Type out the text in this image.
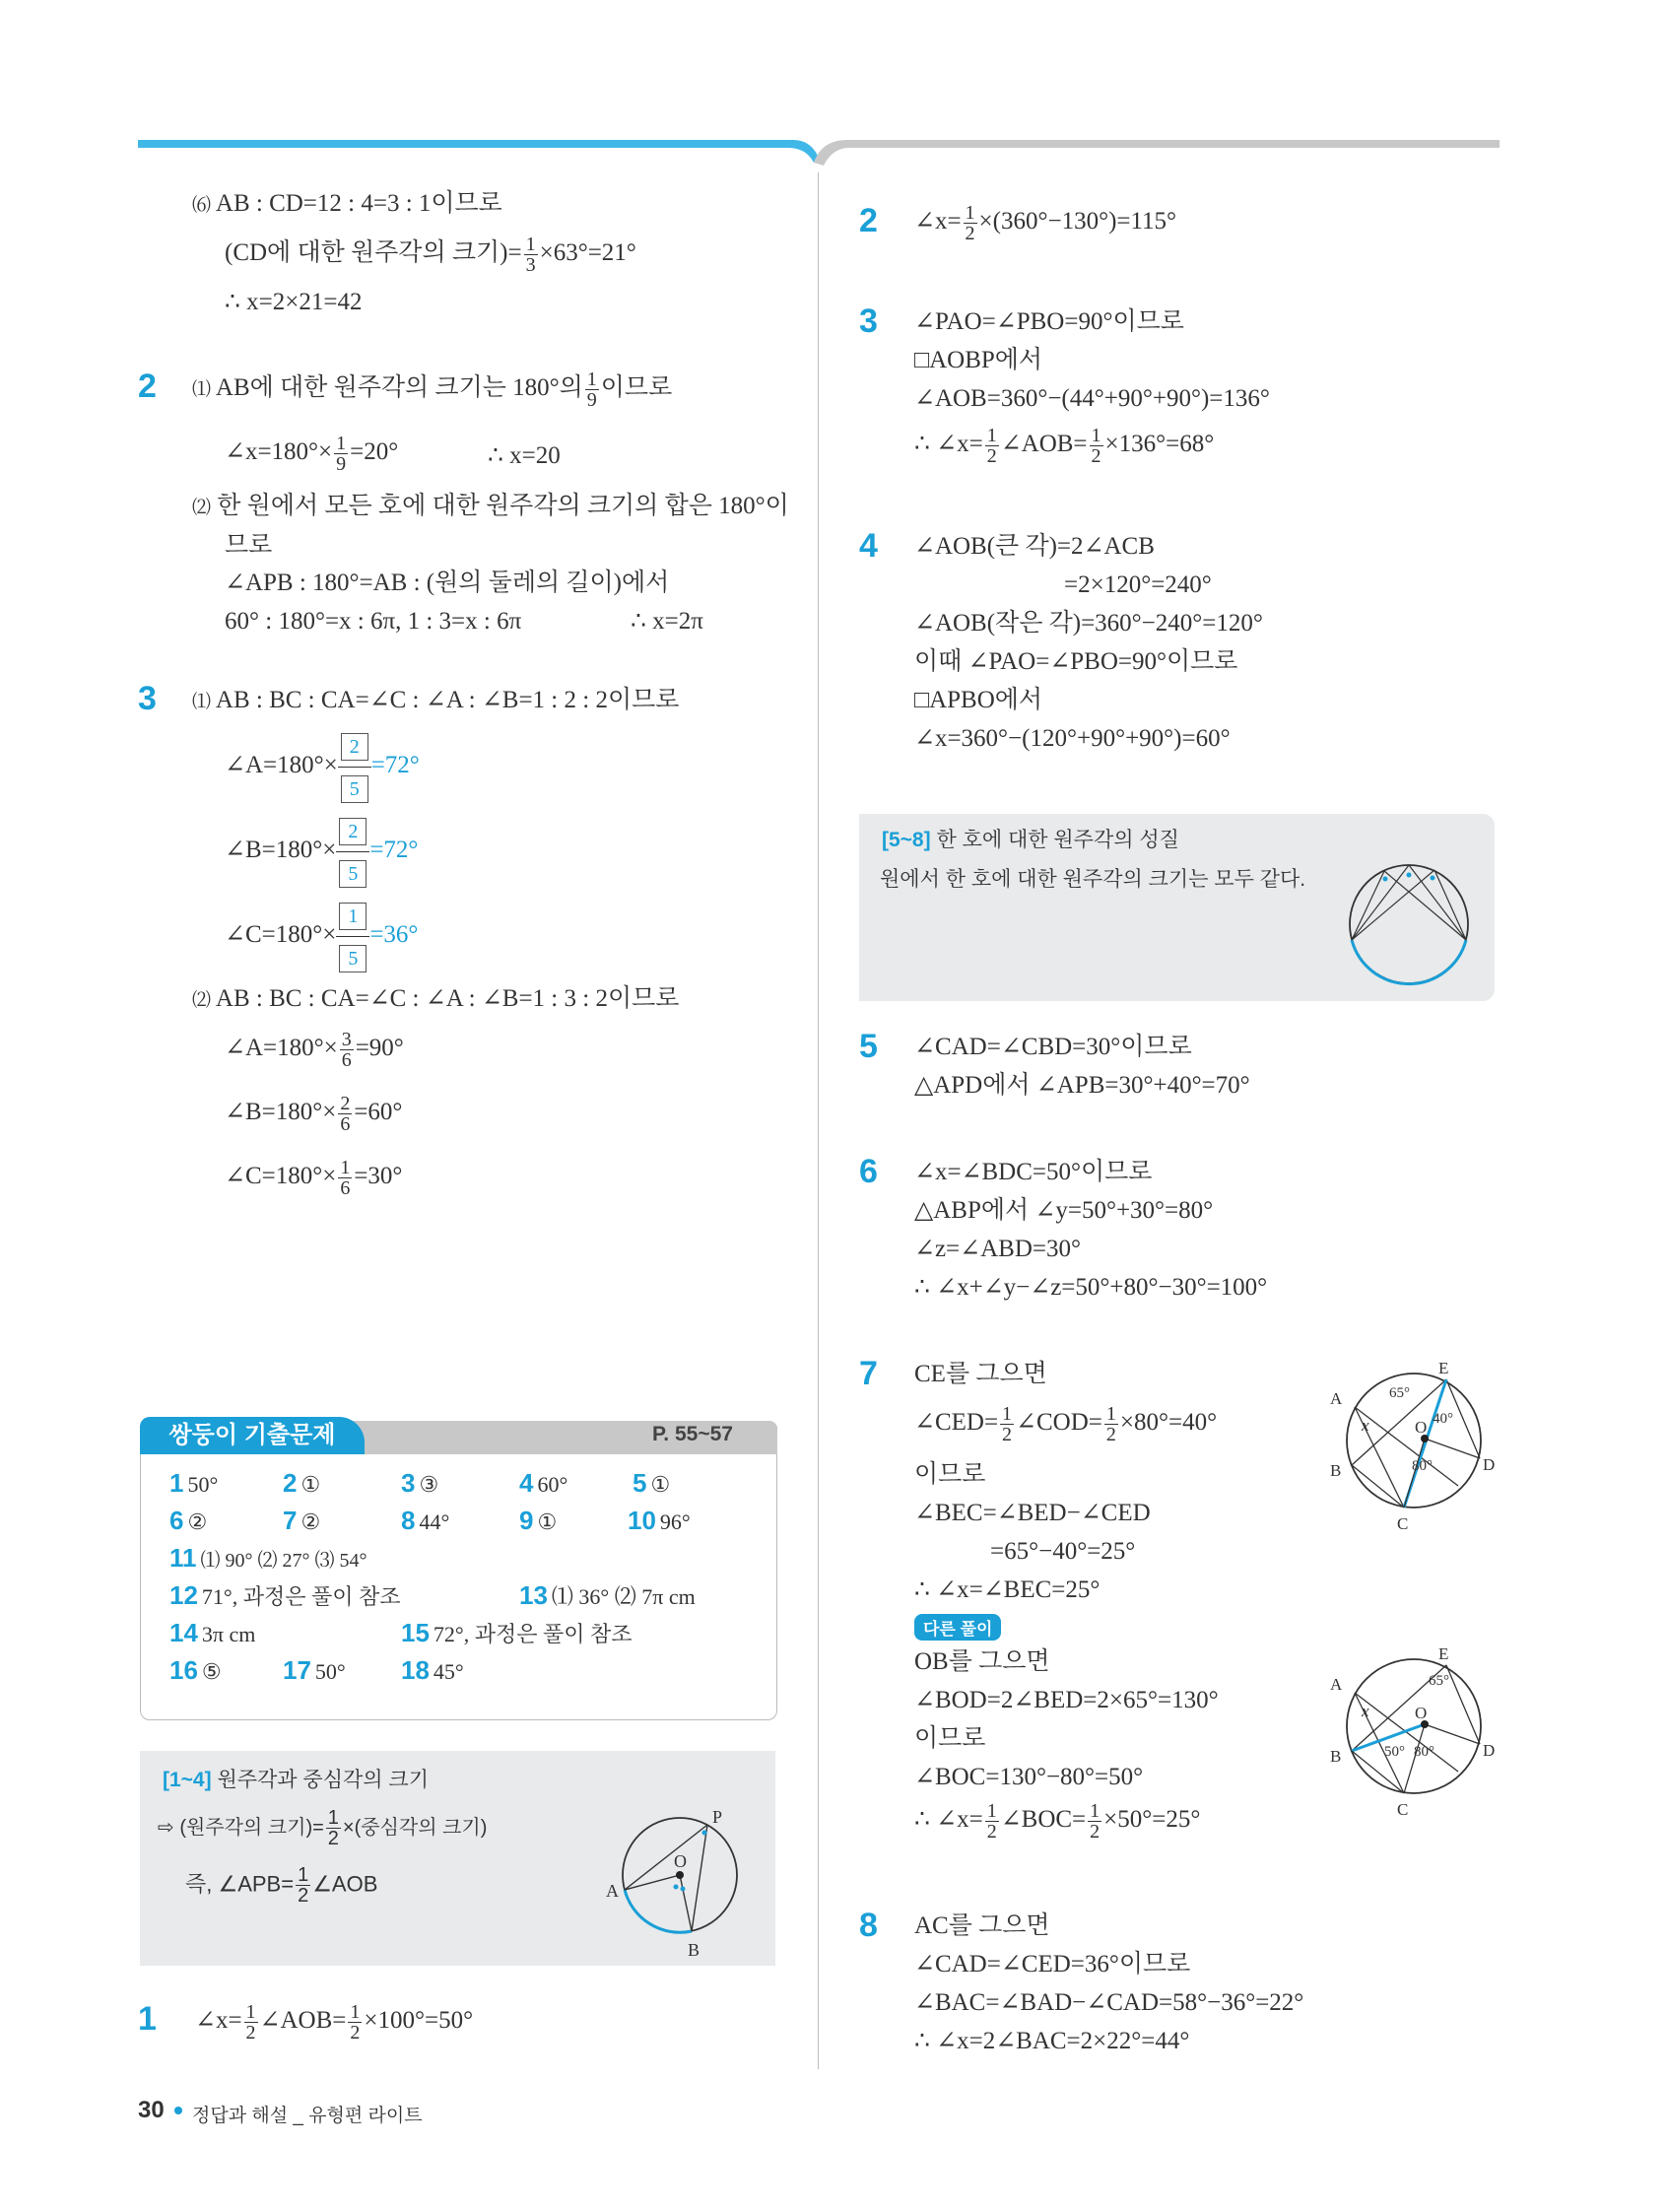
⑹ AB : CD=12 : 4=3 : 1이므로
(CD에 대한 원주각의 크기)= $\frac{1}{3} \times 63^\circ=21^\circ$
∴ x=2×21=42
2 ⑴ AB에 대한 원주각의 크기는 180°의 $\frac{1}{9}$ 이므로
∠x=180°× $\frac{1}{9} =20^\circ$	∴ x=20
⑵ 한 원에서 모든 호에 대한 원주각의 크기의 합은 180°이
므로
∠APB : 180°=AB : (원의 둘레의 길이)에서
60° : 180°=x : 6π, 1 : 3=x : 6π	∴ x=2π
3 ⑴ AB : BC : CA=∠C : ∠A : ∠B=1 : 2 : 2이므로
$\angle A=180^\circ\times\frac{2}{5}=72^\circ$
$\angle B=180^\circ\times\frac{2}{5}=72^\circ$
$\angle C=180^\circ\times\frac{1}{5}=36^\circ$
⑵ AB : BC : CA=∠C : ∠A : ∠B=1 : 3 : 2이므로
∠A=180°× $\frac{3}{6} =90^\circ$
∠B=180°× $\frac{2}{6} =60^\circ$
∠C=180°× $\frac{1}{6} =30^\circ$
쌍둥이 기출문제	P. 55~57
1 50°	2 ①	3 ③	4 60°	5 ①
6 ②	7 ②	8 44°	9 ①	10 96°
11 ⑴ 90° ⑵ 27° ⑶ 54°
12 71°, 과정은 풀이 참조	13 ⑴ 36° ⑵ 7π cm
14 3π cm	15 72°, 과정은 풀이 참조
16 ⑤ 17 50° 18 45°
[1~4] 원주각과 중심각의 크기
⇨ (원주각의 크기)= $\frac{1}{2}$ ×(중심각의 크기)
즉, ∠APB= $\frac{1}{2}$ ∠AOB
P
O
A
B
1 ∠x= $\frac{1}{2}$ ∠AOB= $\frac{1}{2} \times 100^\circ=50^\circ$
30 정답과 해설 _ 유형편 라이트
2 ∠x= $\frac{1}{2} \times(360^\circ-130^\circ)=115^\circ$
3 ∠PAO=∠PBO=90°이므로
□AOBP에서
∠AOB=360°−(44°+90°+90°)=136°
∴ ∠x= $\frac{1}{2}$ ∠AOB= $\frac{1}{2} \times 136^\circ=68^\circ$
4 ∠AOB(큰 각)=2∠ACB
=2×120°=240°
∠AOB(작은 각)=360°−240°=120°
이때 ∠PAO=∠PBO=90°이므로
□APBO에서
∠x=360°−(120°+90°+90°)=60°
[5~8] 한 호에 대한 원주각의 성질
원에서 한 호에 대한 원주각의 크기는 모두 같다.
5 ∠CAD=∠CBD=30°이므로
△APD에서 ∠APB=30°+40°=70°
6 ∠x=∠BDC=50°이므로
△ABP에서 ∠y=50°+30°=80°
∠z=∠ABD=30°
∴ ∠x+∠y−∠z=50°+80°−30°=100°
7 CE를 그으면
∠CED= $\frac{1}{2}$ ∠COD= $\frac{1}{2} \times 80^\circ=40^\circ$
이므로
∠BEC=∠BED−∠CED
=65°−40°=25°
∴ ∠x=∠BEC=25°
다른 풀이
OB를 그으면
∠BOD=2∠BED=2×65°=130°
이므로
∠BOC=130°−80°=50°
∴ ∠x= $\frac{1}{2}$ ∠BOC= $\frac{1}{2} \times 50^\circ=25^\circ$
A
E
B	D
C
O
x
65°
40°
80°
A
E
B	D
C
O
x
65°
50° 80°
8 AC를 그으면
∠CAD=∠CED=36°이므로
∠BAC=∠BAD−∠CAD=58°−36°=22°
∴ ∠x=2∠BAC=2×22°=44°
